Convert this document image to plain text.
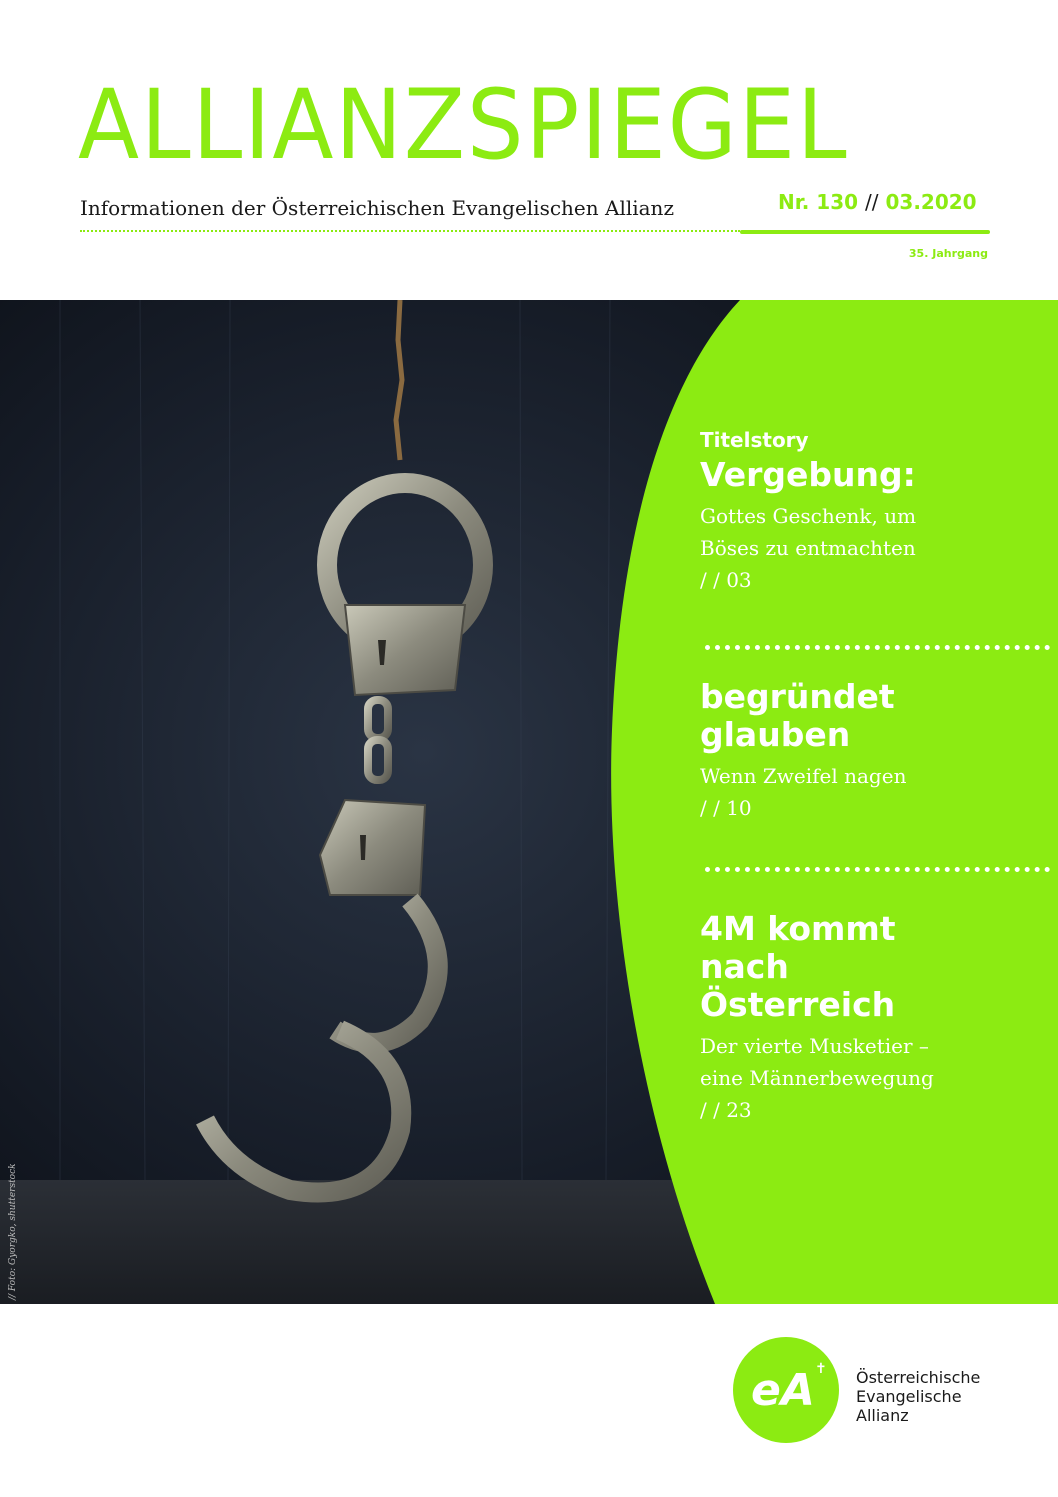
ALLIANZSPIEGEL
Informationen der Österreichischen Evangelischen Allianz	Nr. 130 // 03.2020
35. Jahrgang
// Foto: Gyorgko, shutterstock
Titelstory
Vergebung:
Gottes Geschenk, um
Böses zu entmachten
/ / 03
begründet
glauben
Wenn Zweifel nagen
/ / 10
4M kommt
nach
Österreich
Der vierte Musketier –
eine Männerbewegung
/ / 23
eA ✝ Österreichische
Evangelische
Allianz
